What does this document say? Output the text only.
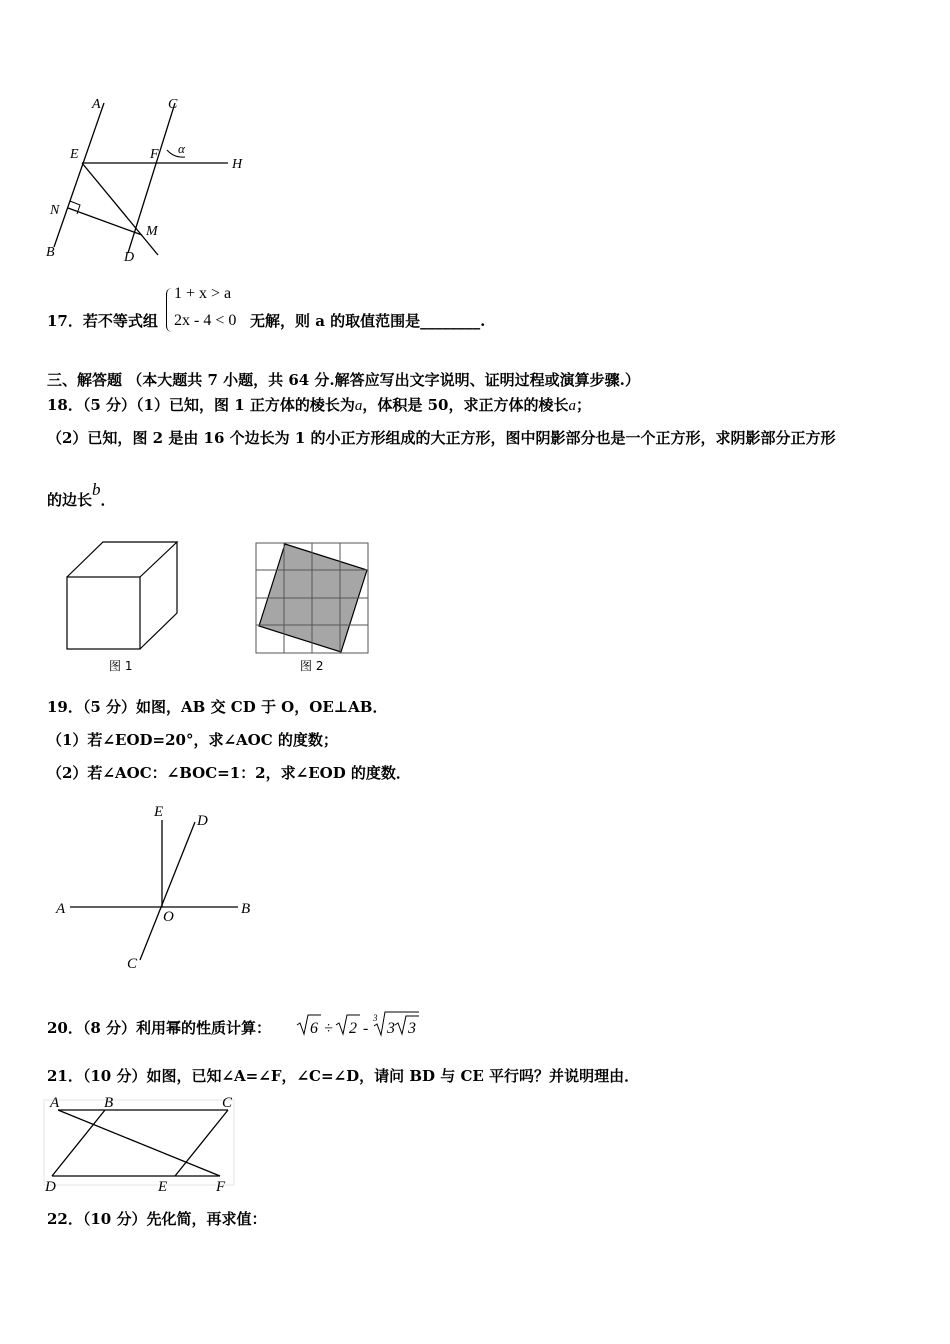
A	C
E	F α
H
N
M
B	D
17．若不等式组
1 + x > a
2x - 4 < 0 无解，则 a 的取值范围是________.
三、解答题 （本大题共 7 小题，共 64 分.解答应写出文字说明、证明过程或演算步骤.）
18．（5 分）（1）已知，图 1 正方体的棱长为a，体积是 50，求正方体的棱长a；
（2）已知，图 2 是由 16 个边长为 1 的小正方形组成的大正方形，图中阴影部分也是一个正方形，求阴影部分正方形
的边长b．
图 1	图 2
19．（5 分）如图，AB 交 CD 于 O，OE⊥AB．
（1）若∠EOD=20°，求∠AOC 的度数；
（2）若∠AOC：∠BOC=1：2，求∠EOD 的度数．
E
D
A	O	B
C
20．（8 分）利用幂的性质计算： 6 ÷ 2 -
3
3 3
21．（10 分）如图，已知∠A=∠F，∠C=∠D，请问 BD 与 CE 平行吗？并说明理由．
A	B	C
D	E	F
22．（10 分）先化简，再求值：
